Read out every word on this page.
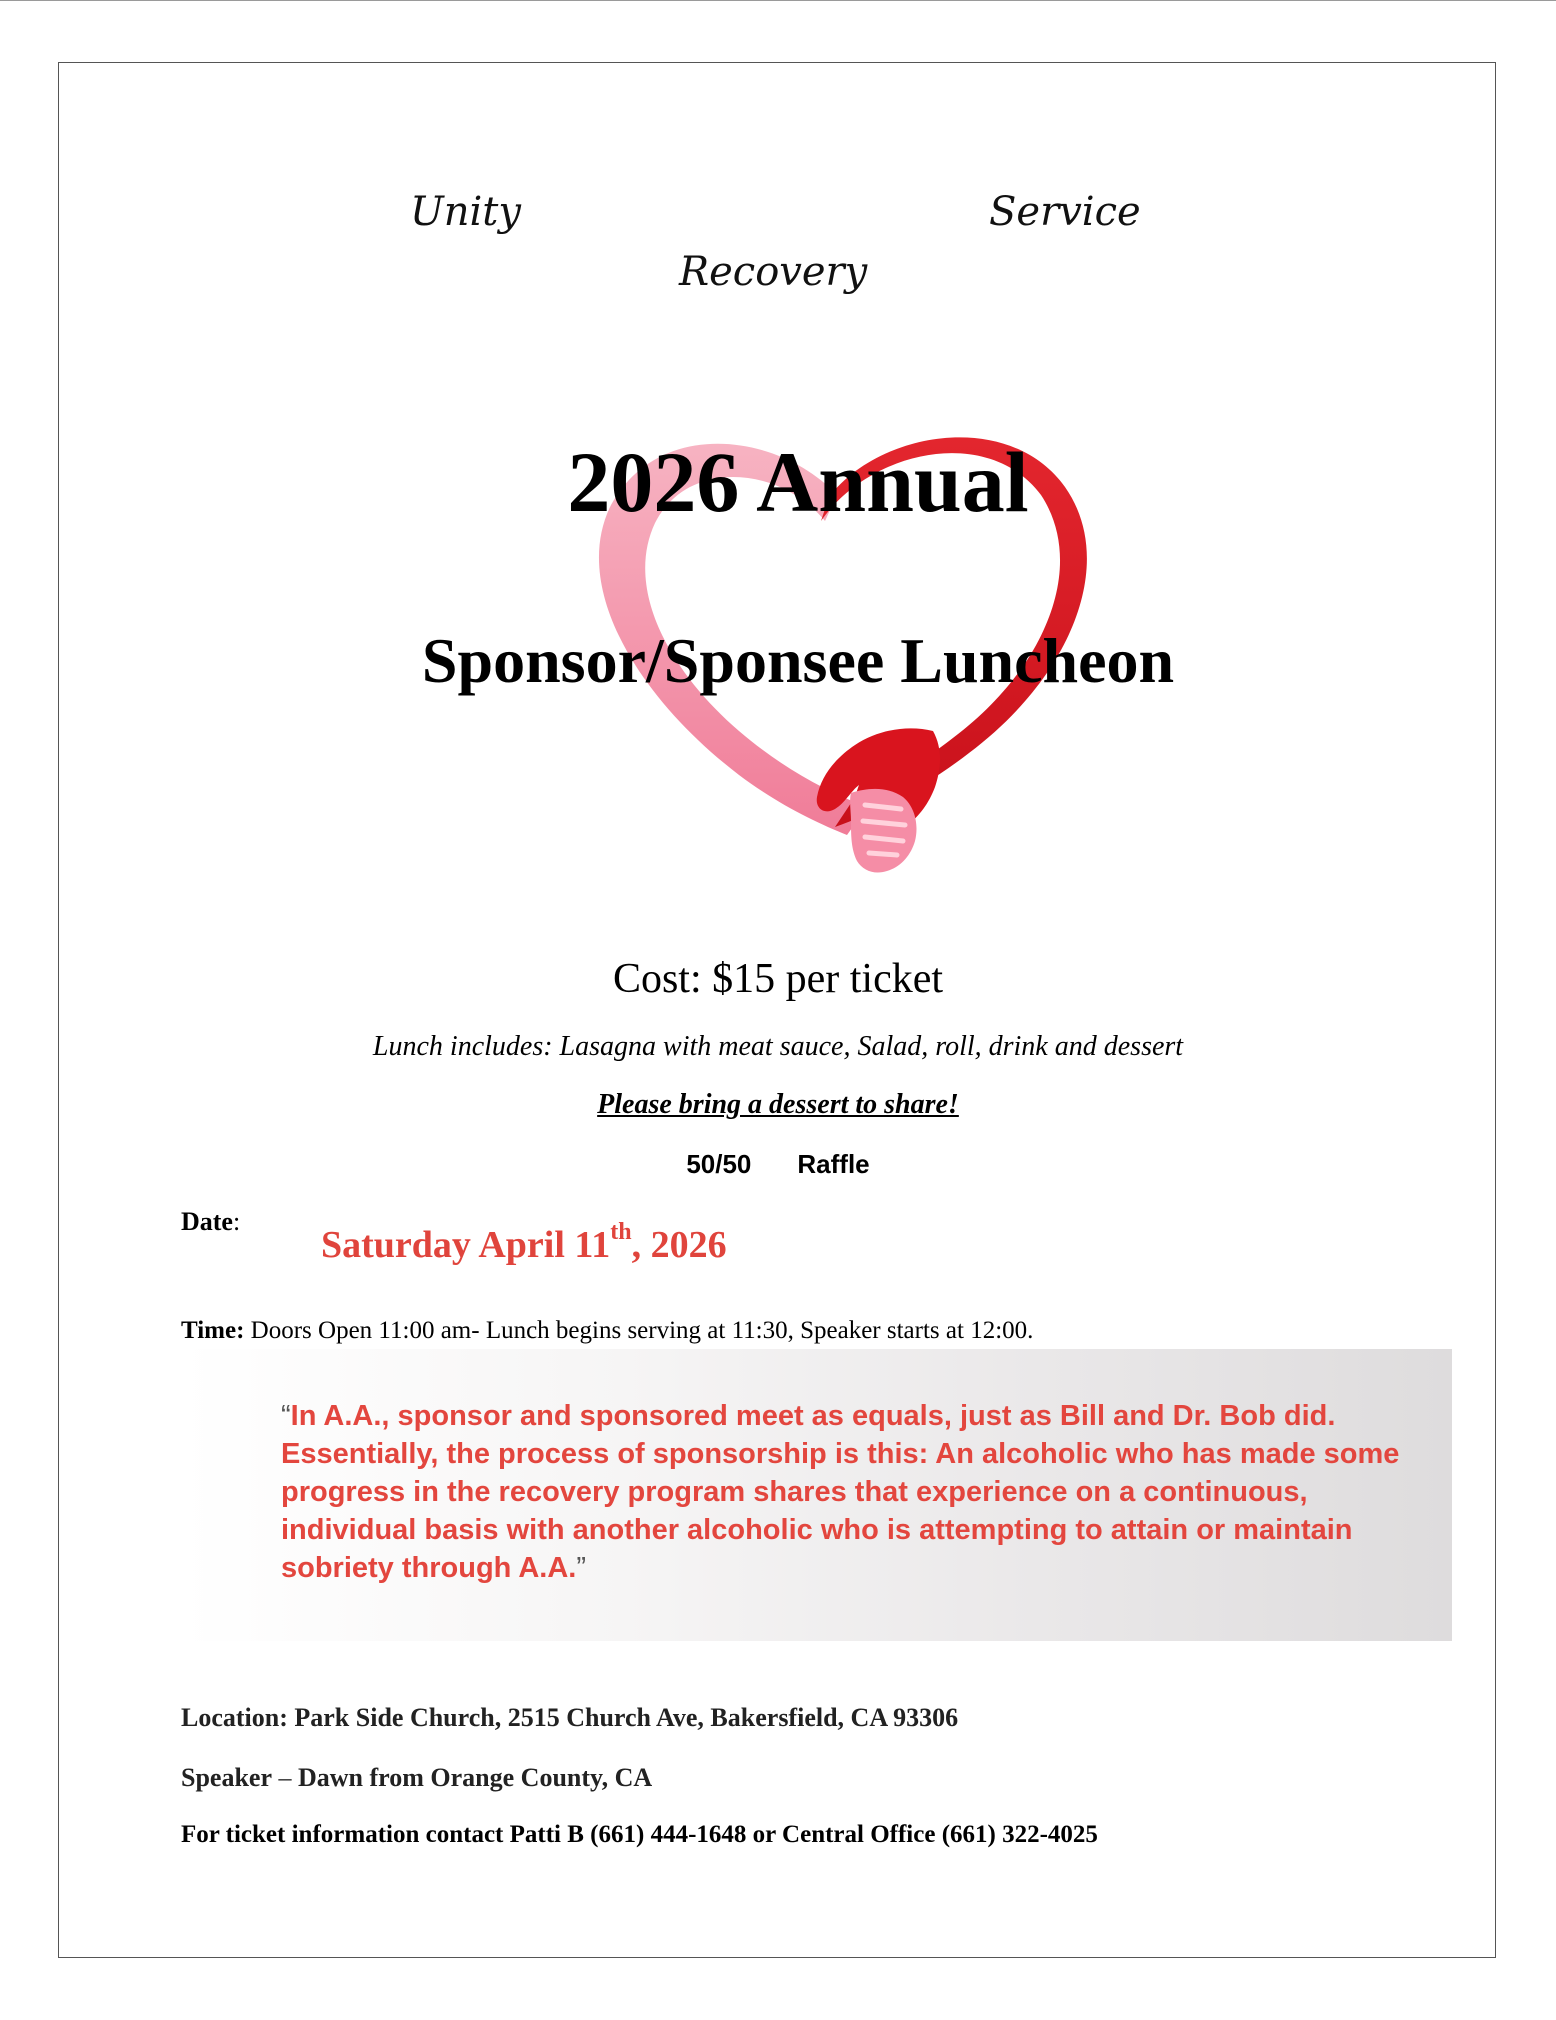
Unity	Service
Recovery
2026 Annual
Sponsor/Sponsee Luncheon
Cost: $15 per ticket
Lunch includes: Lasagna with meat sauce, Salad, roll, drink and dessert
Please bring a dessert to share!
50/50 Raffle
Date:
Saturday April 11th, 2026
Time: Doors Open 11:00 am- Lunch begins serving at 11:30, Speaker starts at 12:00.
“In A.A., sponsor and sponsored meet as equals, just as Bill and Dr. Bob did. Essentially, the process of sponsorship is this: An alcoholic who has made some progress in the recovery program shares that experience on a continuous, individual basis with another alcoholic who is attempting to attain or maintain sobriety through A.A.”
Location: Park Side Church, 2515 Church Ave, Bakersfield, CA 93306
Speaker – Dawn from Orange County, CA
For ticket information contact Patti B (661) 444-1648 or Central Office (661) 322-4025
